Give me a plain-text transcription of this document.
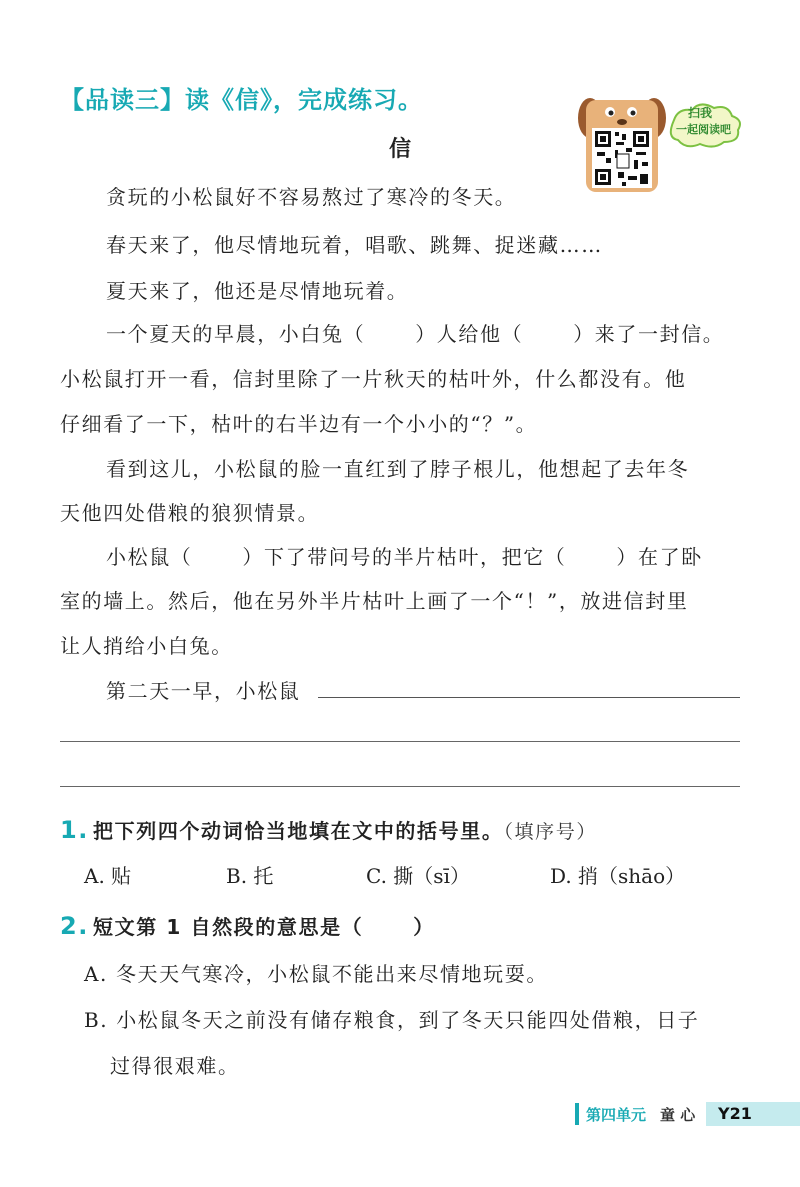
【品读三】读《信》，完成练习。	扫我
一起阅读吧
信
贪玩的小松鼠好不容易熬过了寒冷的冬天。
春天来了，他尽情地玩着，唱歌、跳舞、捉迷藏……
夏天来了，他还是尽情地玩着。
一个夏天的早晨，小白兔（	）人给他（	）来了一封信。
小松鼠打开一看，信封里除了一片秋天的枯叶外，什么都没有。他
仔细看了一下，枯叶的右半边有一个小小的“？”。
看到这儿，小松鼠的脸一直红到了脖子根儿，他想起了去年冬
天他四处借粮的狼狈情景。
小松鼠（	）下了带问号的半片枯叶，把它（	）在了卧
室的墙上。然后，他在另外半片枯叶上画了一个“！”，放进信封里
让人捎给小白兔。
第二天一早，小松鼠
1. 把下列四个动词恰当地填在文中的括号里。（填序号）
A. 贴	B. 托	C. 撕（sī）	D. 捎（shāo）
2. 短文第 1 自然段的意思是（	）
A. 冬天天气寒冷，小松鼠不能出来尽情地玩耍。
B. 小松鼠冬天之前没有储存粮食，到了冬天只能四处借粮，日子
过得很艰难。
第四单元 童 心	Y21
